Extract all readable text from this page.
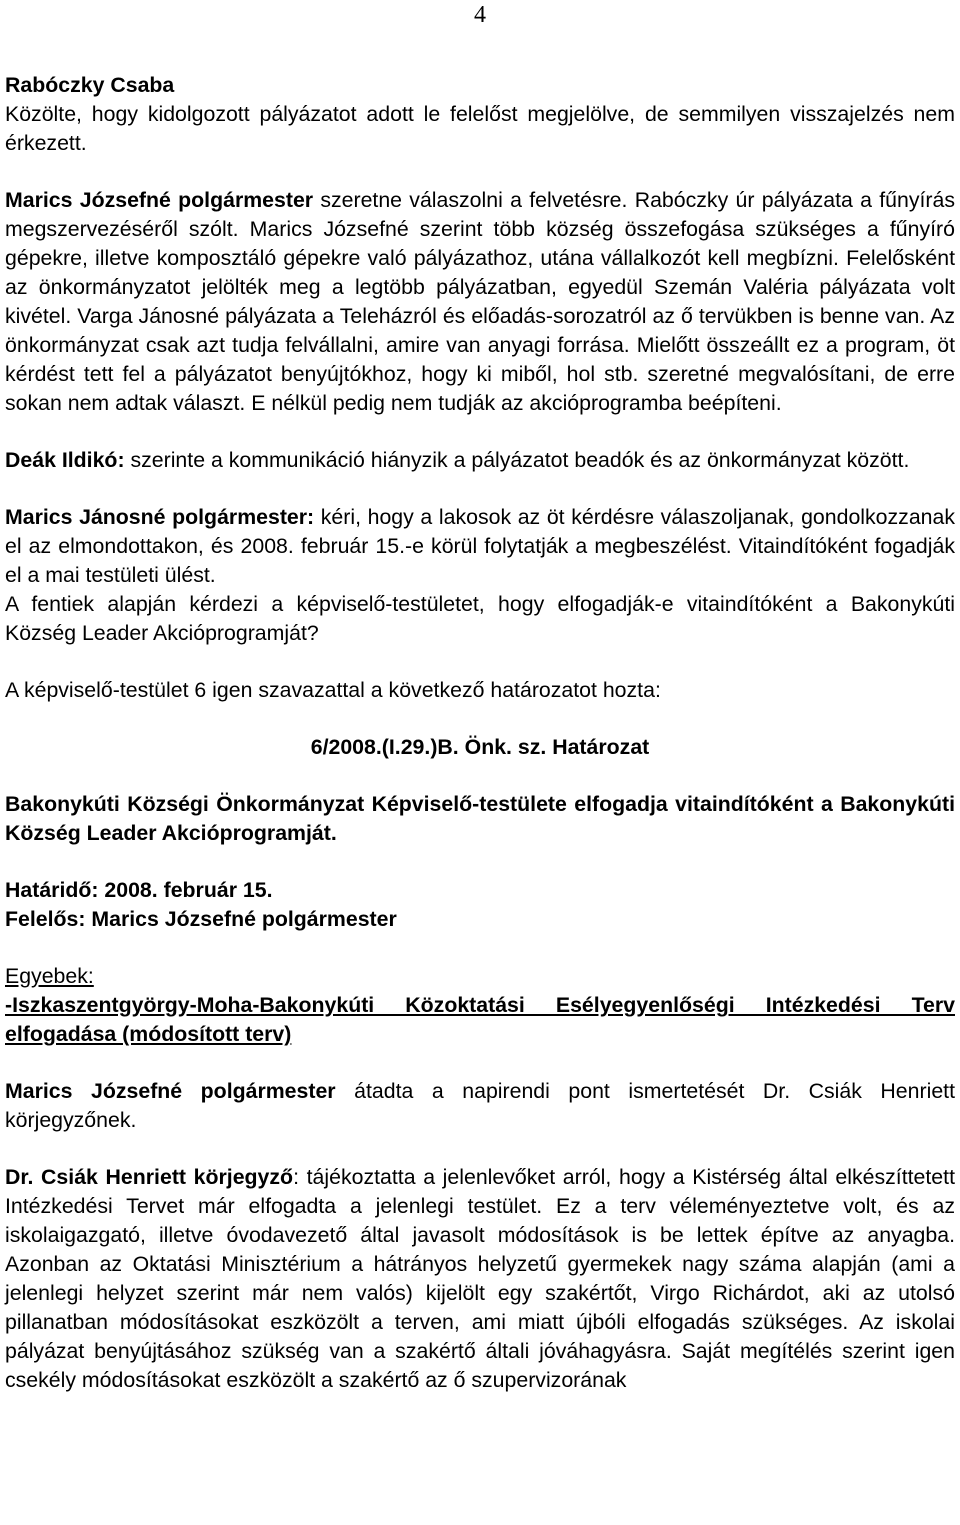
4

Rabóczky Csaba
Közölte, hogy kidolgozott pályázatot adott le felelőst megjelölve, de semmilyen visszajelzés nem érkezett.

Marics Józsefné polgármester szeretne válaszolni a felvetésre. Rabóczky úr pályázata a fűnyírás megszervezéséről szólt. Marics Józsefné szerint több község összefogása szükséges a fűnyíró gépekre, illetve komposztáló gépekre való pályázathoz, utána vállalkozót kell megbízni. Felelősként az önkormányzatot jelölték meg a legtöbb pályázatban, egyedül Szemán Valéria pályázata volt kivétel. Varga Jánosné pályázata a Teleházról és előadás-sorozatról az ő tervükben is benne van. Az önkormányzat csak azt tudja felvállalni, amire van anyagi forrása. Mielőtt összeállt ez a program, öt kérdést tett fel a pályázatot benyújtókhoz, hogy ki miből, hol stb. szeretné megvalósítani, de erre sokan nem adtak választ. E nélkül pedig nem tudják az akcióprogramba beépíteni.

Deák Ildikó: szerinte a kommunikáció hiányzik a pályázatot beadók és az önkormányzat között.

Marics Jánosné polgármester: kéri, hogy a lakosok az öt kérdésre válaszoljanak, gondolkozzanak el az elmondottakon, és 2008. február 15.-e körül folytatják a megbeszélést. Vitaindítóként fogadják el a mai testületi ülést.

A fentiek alapján kérdezi a képviselő-testületet, hogy elfogadják-e vitaindítóként a Bakonykúti Község Leader Akcióprogramját?

A képviselő-testület 6 igen szavazattal a következő határozatot hozta:

6/2008.(I.29.)B. Önk. sz. Határozat

Bakonykúti Községi Önkormányzat Képviselő-testülete elfogadja vitaindítóként a Bakonykúti Község Leader Akcióprogramját.

Határidő: 2008. február 15.

Felelős: Marics Józsefné polgármester

Egyebek:

-Iszkaszentgyörgy-Moha-Bakonykúti Közoktatási Esélyegyenlőségi Intézkedési Terv elfogadása (módosított terv)

Marics Józsefné polgármester átadta a napirendi pont ismertetését Dr. Csiák Henriett körjegyzőnek.

Dr. Csiák Henriett körjegyző: tájékoztatta a jelenlevőket arról, hogy a Kistérség által elkészíttetett Intézkedési Tervet már elfogadta a jelenlegi testület. Ez a terv véleményeztetve volt, és az iskolaigazgató, illetve óvodavezető által javasolt módosítások is be lettek építve az anyagba. Azonban az Oktatási Minisztérium a hátrányos helyzetű gyermekek nagy száma alapján (ami a jelenlegi helyzet szerint már nem valós) kijelölt egy szakértőt, Virgo Richárdot, aki az utolsó pillanatban módosításokat eszközölt a terven, ami miatt újbóli elfogadás szükséges. Az iskolai pályázat benyújtásához szükség van a szakértő általi jóváhagyásra. Saját megítélés szerint igen csekély módosításokat eszközölt a szakértő az ő szupervizorának
